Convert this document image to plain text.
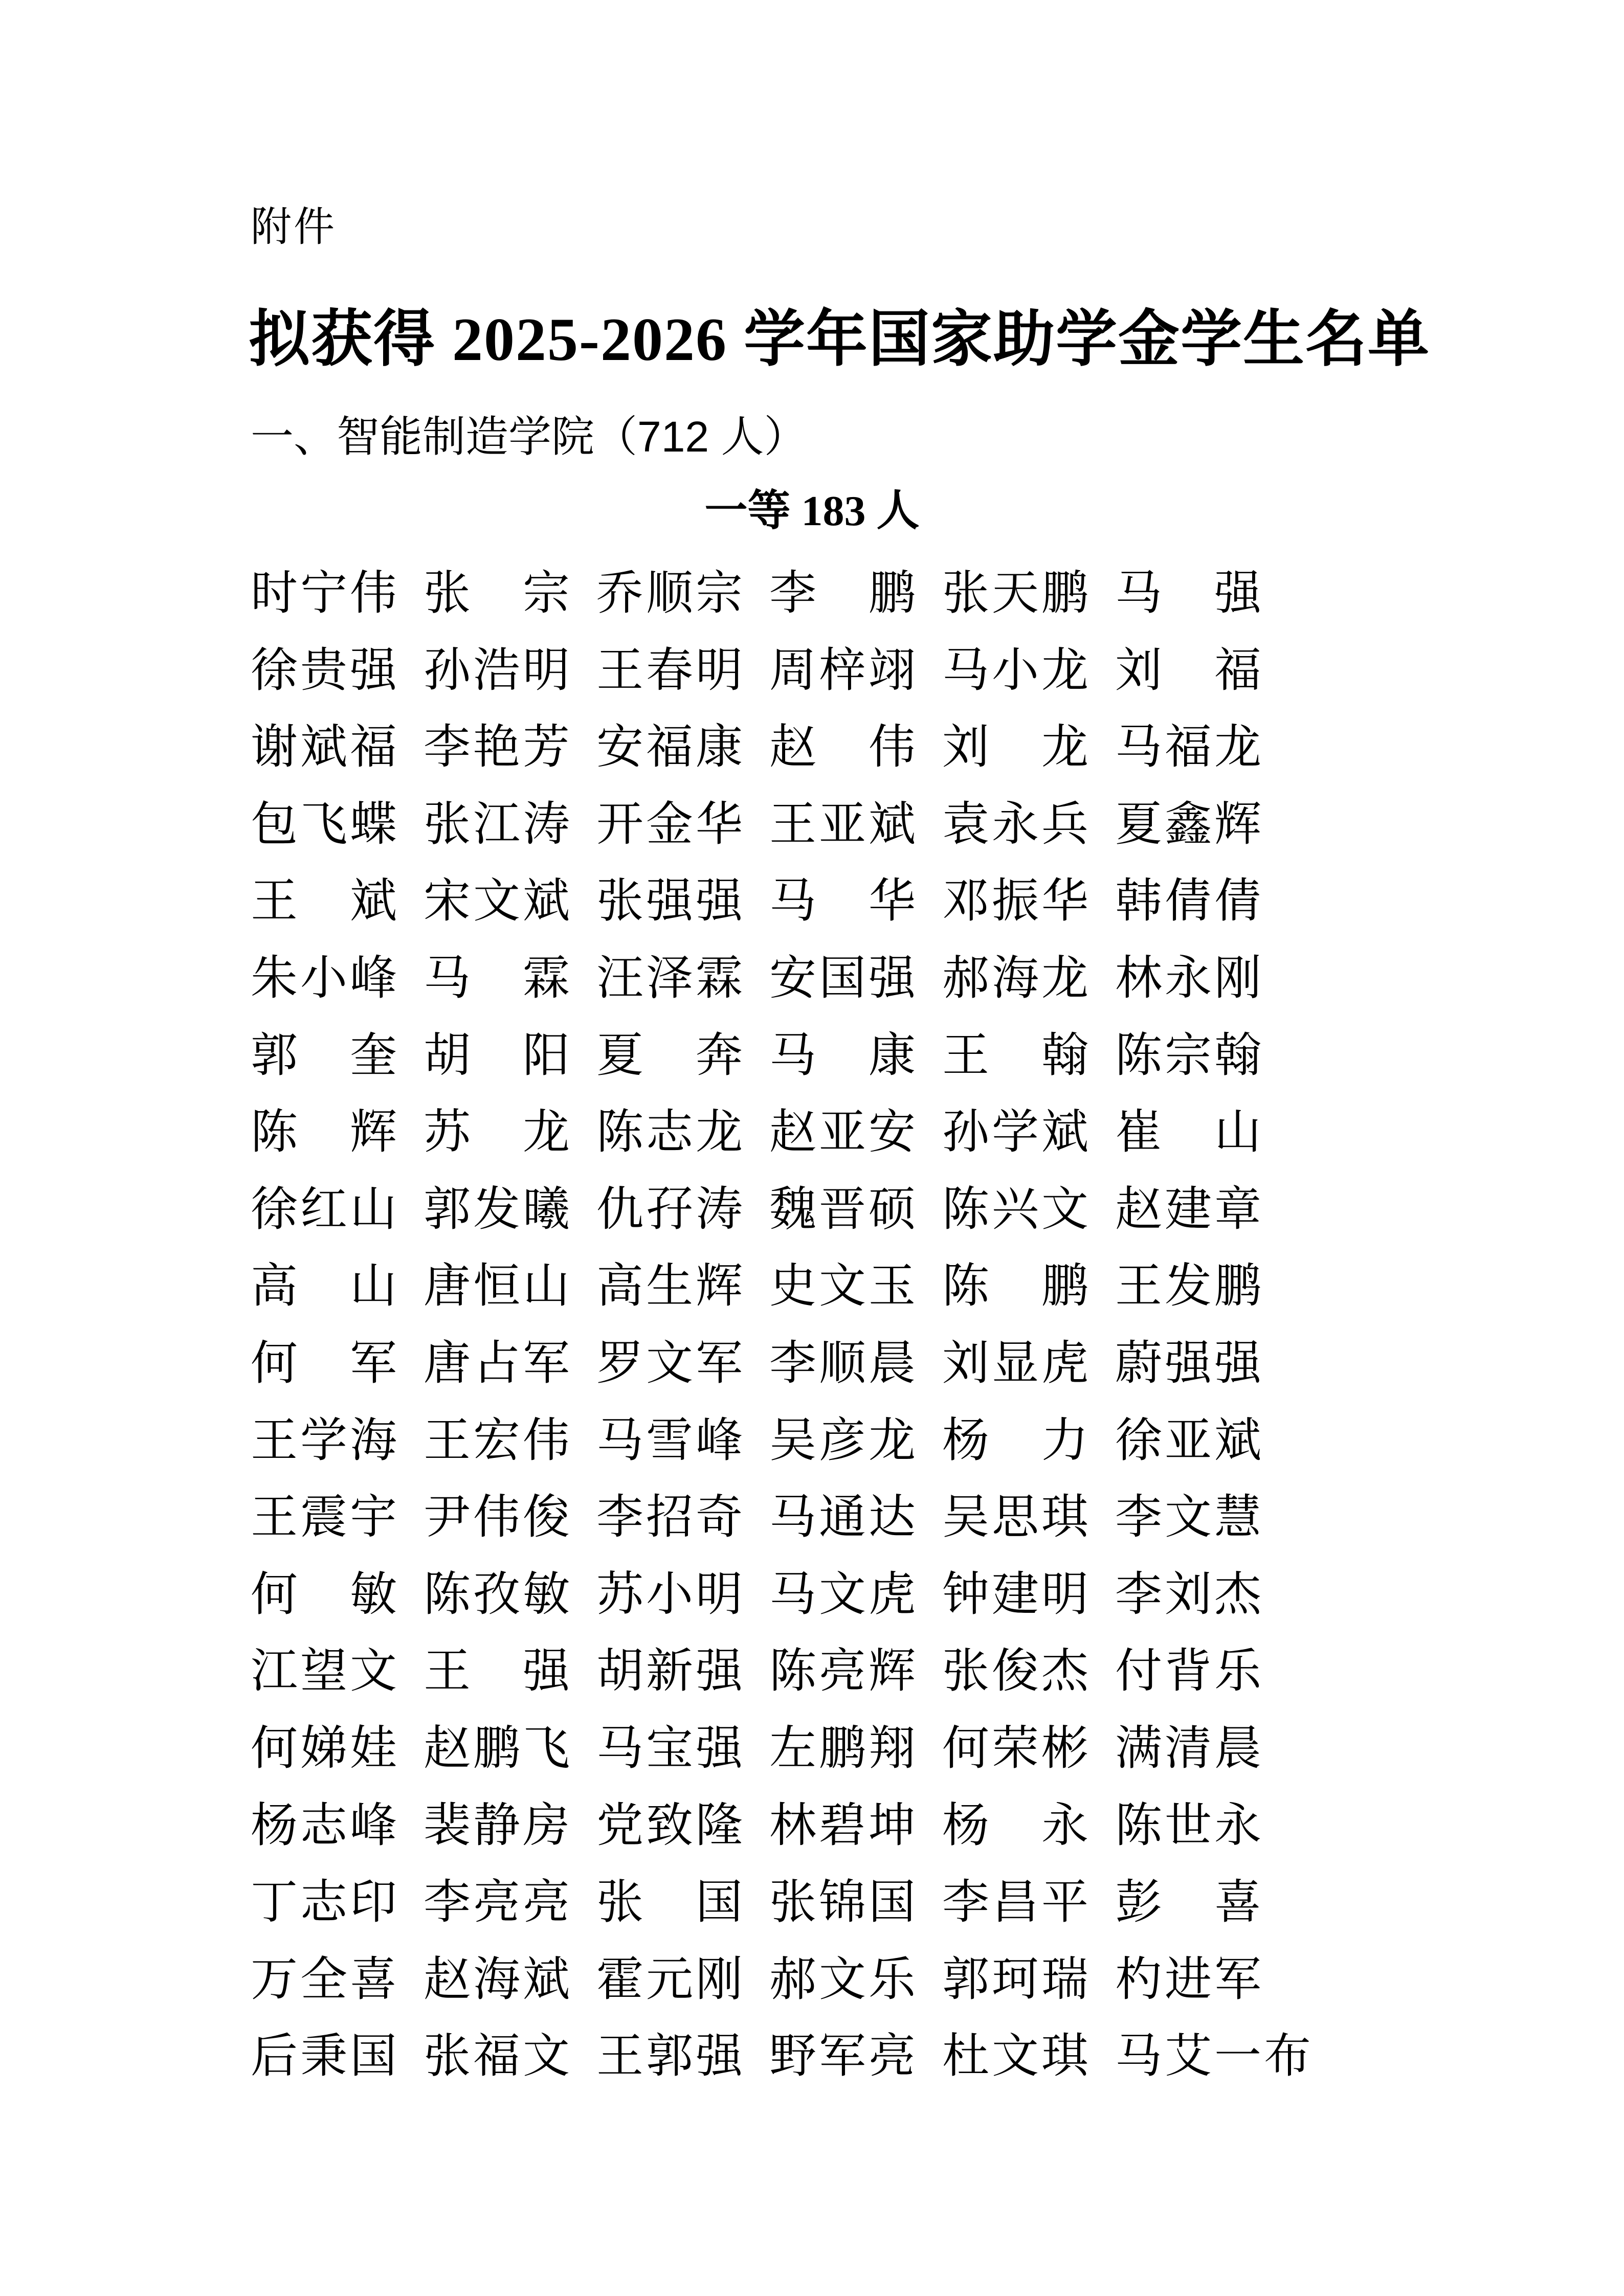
附件
拟获得 2025-2026 学年国家助学金学生名单
一、智能制造学院（712 人）
一等 183 人
时宁伟 张　宗 乔顺宗 李　鹏 张天鹏 马　强
徐贵强 孙浩明 王春明 周梓翊 马小龙 刘　福
谢斌福 李艳芳 安福康 赵　伟 刘　龙 马福龙
包飞蝶 张江涛 开金华 王亚斌 袁永兵 夏鑫辉
王　斌 宋文斌 张强强 马　华 邓振华 韩倩倩
朱小峰 马　霖 汪泽霖 安国强 郝海龙 林永刚
郭　奎 胡　阳 夏　奔 马　康 王　翰 陈宗翰
陈　辉 苏　龙 陈志龙 赵亚安 孙学斌 崔　山
徐红山 郭发曦 仇孖涛 魏晋硕 陈兴文 赵建章
高　山 唐恒山 高生辉 史文玉 陈　鹏 王发鹏
何　军 唐占军 罗文军 李顺晨 刘显虎 蔚强强
王学海 王宏伟 马雪峰 吴彦龙 杨　力 徐亚斌
王震宇 尹伟俊 李招奇 马通达 吴思琪 李文慧
何　敏 陈孜敏 苏小明 马文虎 钟建明 李刘杰
江望文 王　强 胡新强 陈亮辉 张俊杰 付背乐
何娣娃 赵鹏飞 马宝强 左鹏翔 何荣彬 满清晨
杨志峰 裴静房 党致隆 林碧坤 杨　永 陈世永
丁志印 李亮亮 张　国 张锦国 李昌平 彭　喜
万全喜 赵海斌 霍元刚 郝文乐 郭珂瑞 杓进军
后秉国 张福文 王郭强 野军亮 杜文琪 马艾一布
